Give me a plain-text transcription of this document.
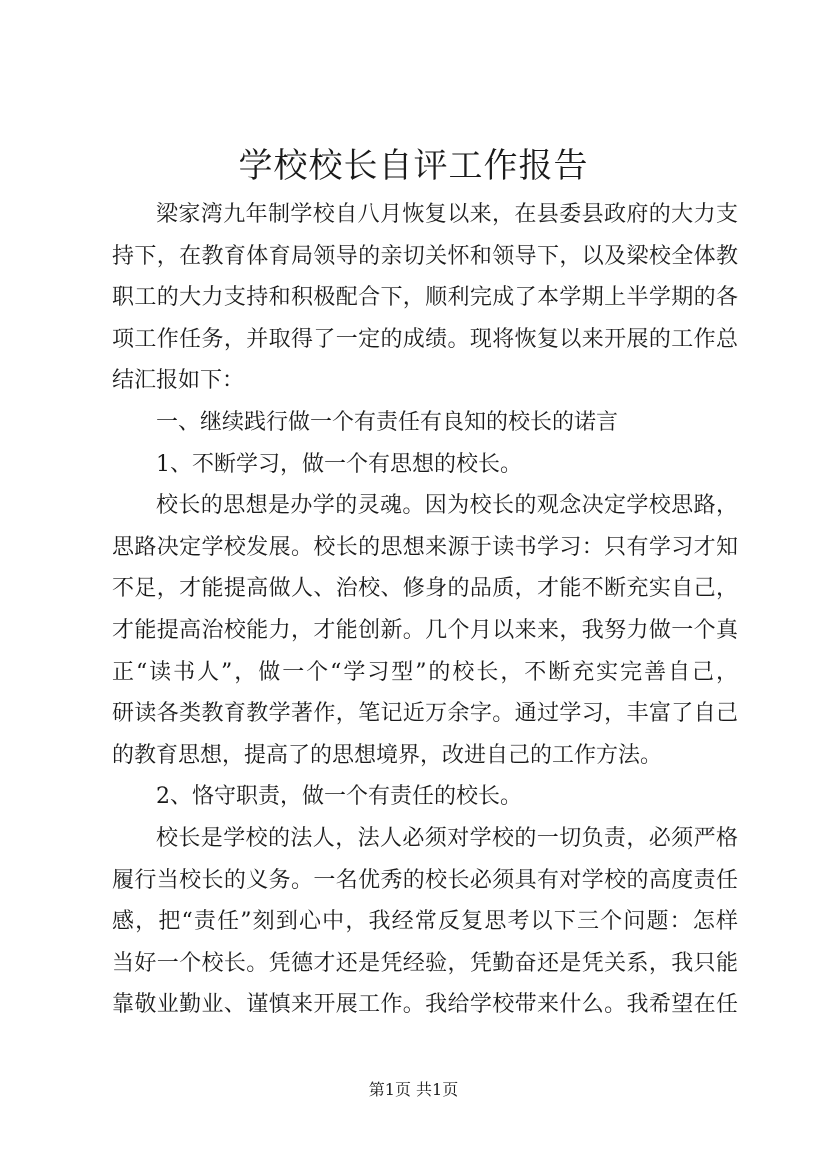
学校校长自评工作报告
梁家湾九年制学校自八月恢复以来，在县委县政府的大力支
持下，在教育体育局领导的亲切关怀和领导下，以及梁校全体教
职工的大力支持和积极配合下，顺利完成了本学期上半学期的各
项工作任务，并取得了一定的成绩。现将恢复以来开展的工作总
结汇报如下：
一、继续践行做一个有责任有良知的校长的诺言
1、不断学习，做一个有思想的校长。
校长的思想是办学的灵魂。因为校长的观念决定学校思路，
思路决定学校发展。校长的思想来源于读书学习：只有学习才知
不足，才能提高做人、治校、修身的品质，才能不断充实自己，
才能提高治校能力，才能创新。几个月以来来，我努力做一个真
正“读书人”，做一个“学习型”的校长，不断充实完善自己，
研读各类教育教学著作，笔记近万余字。通过学习，丰富了自己
的教育思想，提高了的思想境界，改进自己的工作方法。
2、恪守职责，做一个有责任的校长。
校长是学校的法人，法人必须对学校的一切负责，必须严格
履行当校长的义务。一名优秀的校长必须具有对学校的高度责任
感，把“责任”刻到心中，我经常反复思考以下三个问题：怎样
当好一个校长。凭德才还是凭经验，凭勤奋还是凭关系，我只能
靠敬业勤业、谨慎来开展工作。我给学校带来什么。我希望在任
第1页 共1页
